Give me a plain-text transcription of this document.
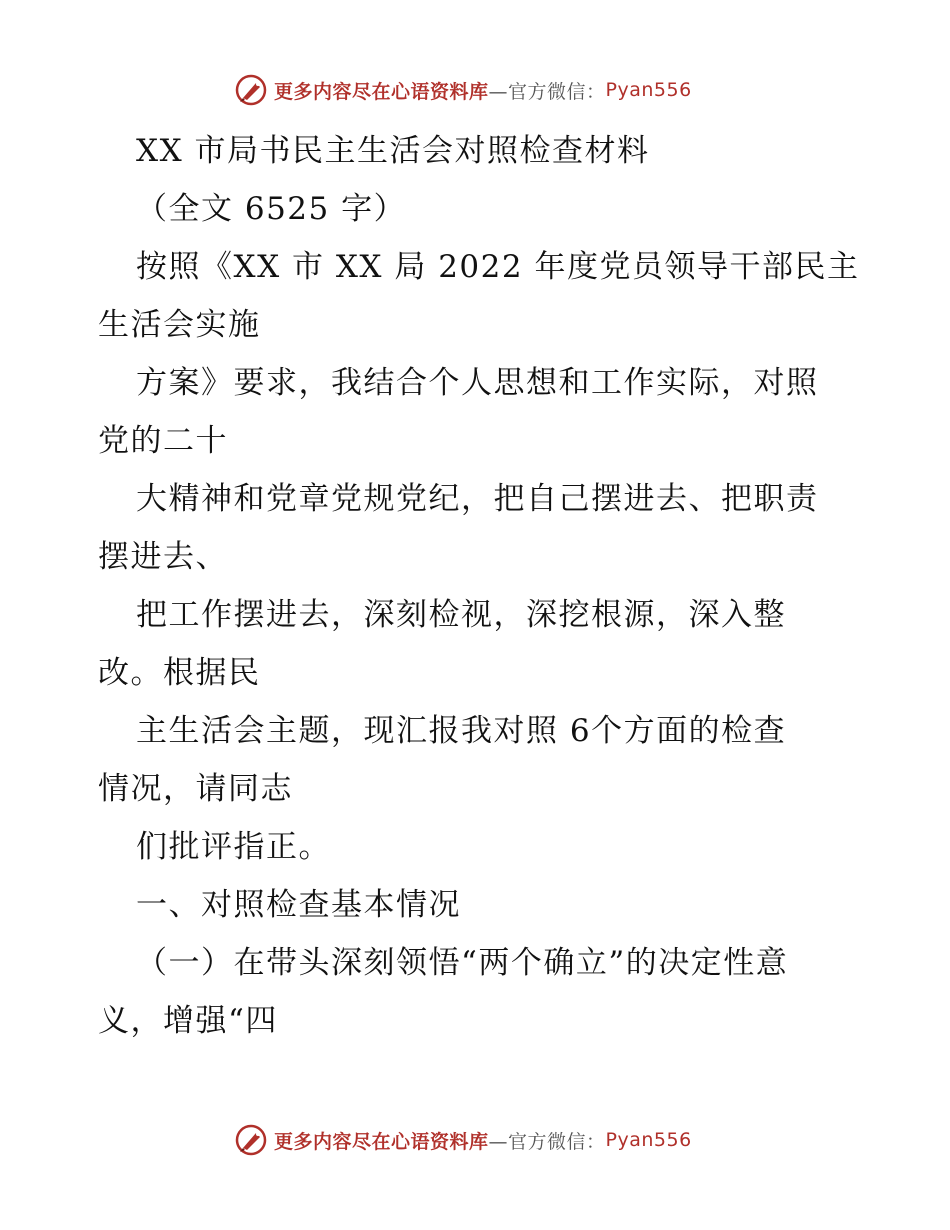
更多内容尽在心语资料库 —官方微信： Pyan556
XX 市局书民主生活会对照检查材料
（全文 6525 字）
按照《XX 市 XX 局 2022 年度党员领导干部民主
生活会实施
方案》要求，我结合个人思想和工作实际，对照
党的二十
大精神和党章党规党纪，把自己摆进去、把职责
摆进去、
把工作摆进去，深刻检视，深挖根源，深入整
改。根据民
主生活会主题，现汇报我对照 6个方面的检查
情况，请同志
们批评指正。
一、对照检查基本情况
（一）在带头深刻领悟“两个确立”的决定性意
义，增强“四
更多内容尽在心语资料库 —官方微信： Pyan556
